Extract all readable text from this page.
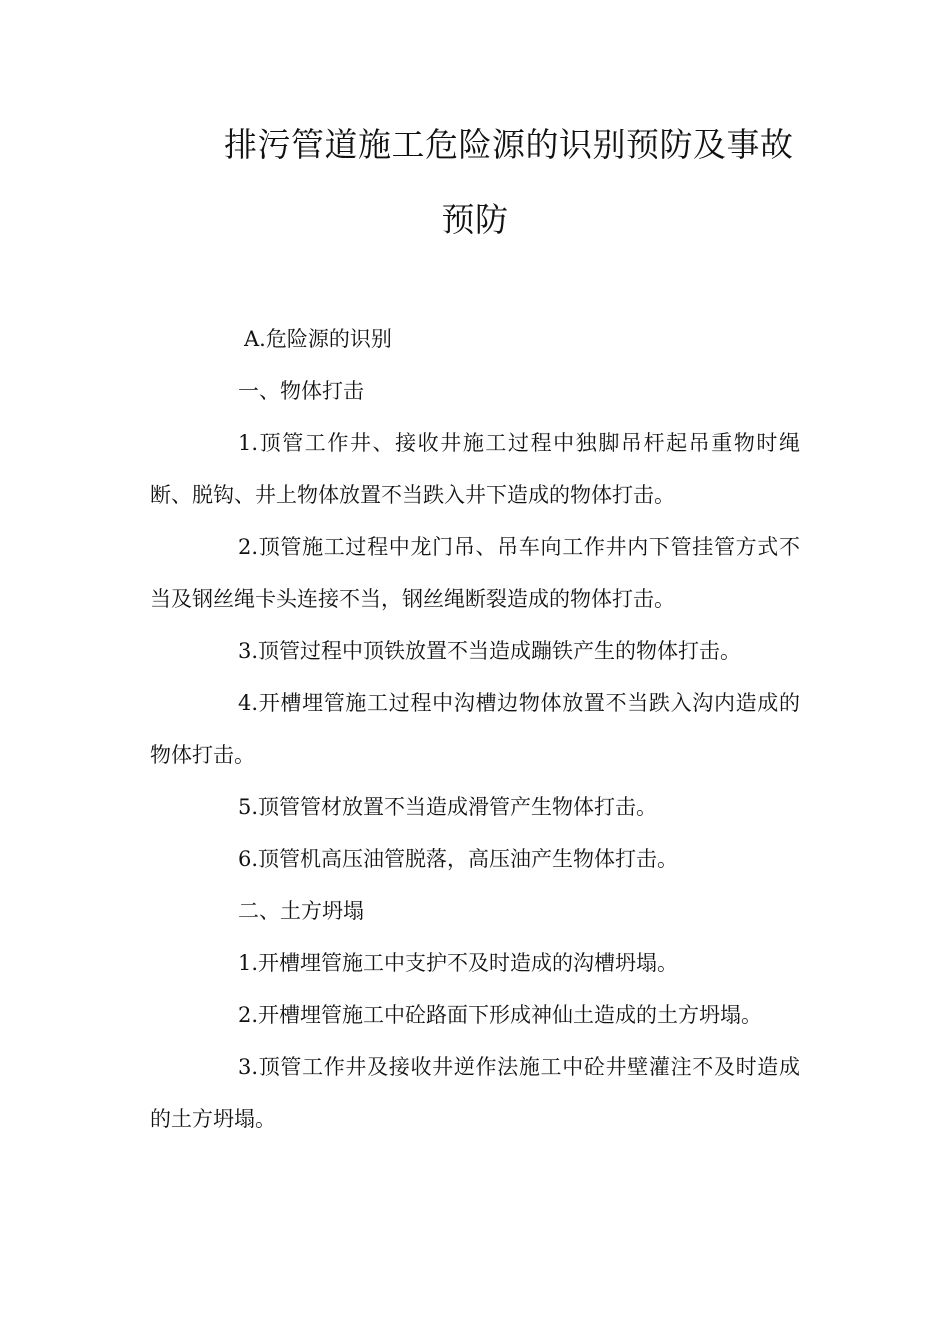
排污管道施工危险源的识别预防及事故
预防

A.危险源的识别

一、物体打击

1.顶管工作井、接收井施工过程中独脚吊杆起吊重物时绳断、脱钩、井上物体放置不当跌入井下造成的物体打击。

2.顶管施工过程中龙门吊、吊车向工作井内下管挂管方式不当及钢丝绳卡头连接不当，钢丝绳断裂造成的物体打击。

3.顶管过程中顶铁放置不当造成蹦铁产生的物体打击。

4.开槽埋管施工过程中沟槽边物体放置不当跌入沟内造成的物体打击。

5.顶管管材放置不当造成滑管产生物体打击。

6.顶管机高压油管脱落，高压油产生物体打击。

二、土方坍塌

1.开槽埋管施工中支护不及时造成的沟槽坍塌。

2.开槽埋管施工中砼路面下形成神仙土造成的土方坍塌。

3.顶管工作井及接收井逆作法施工中砼井壁灌注不及时造成的土方坍塌。
